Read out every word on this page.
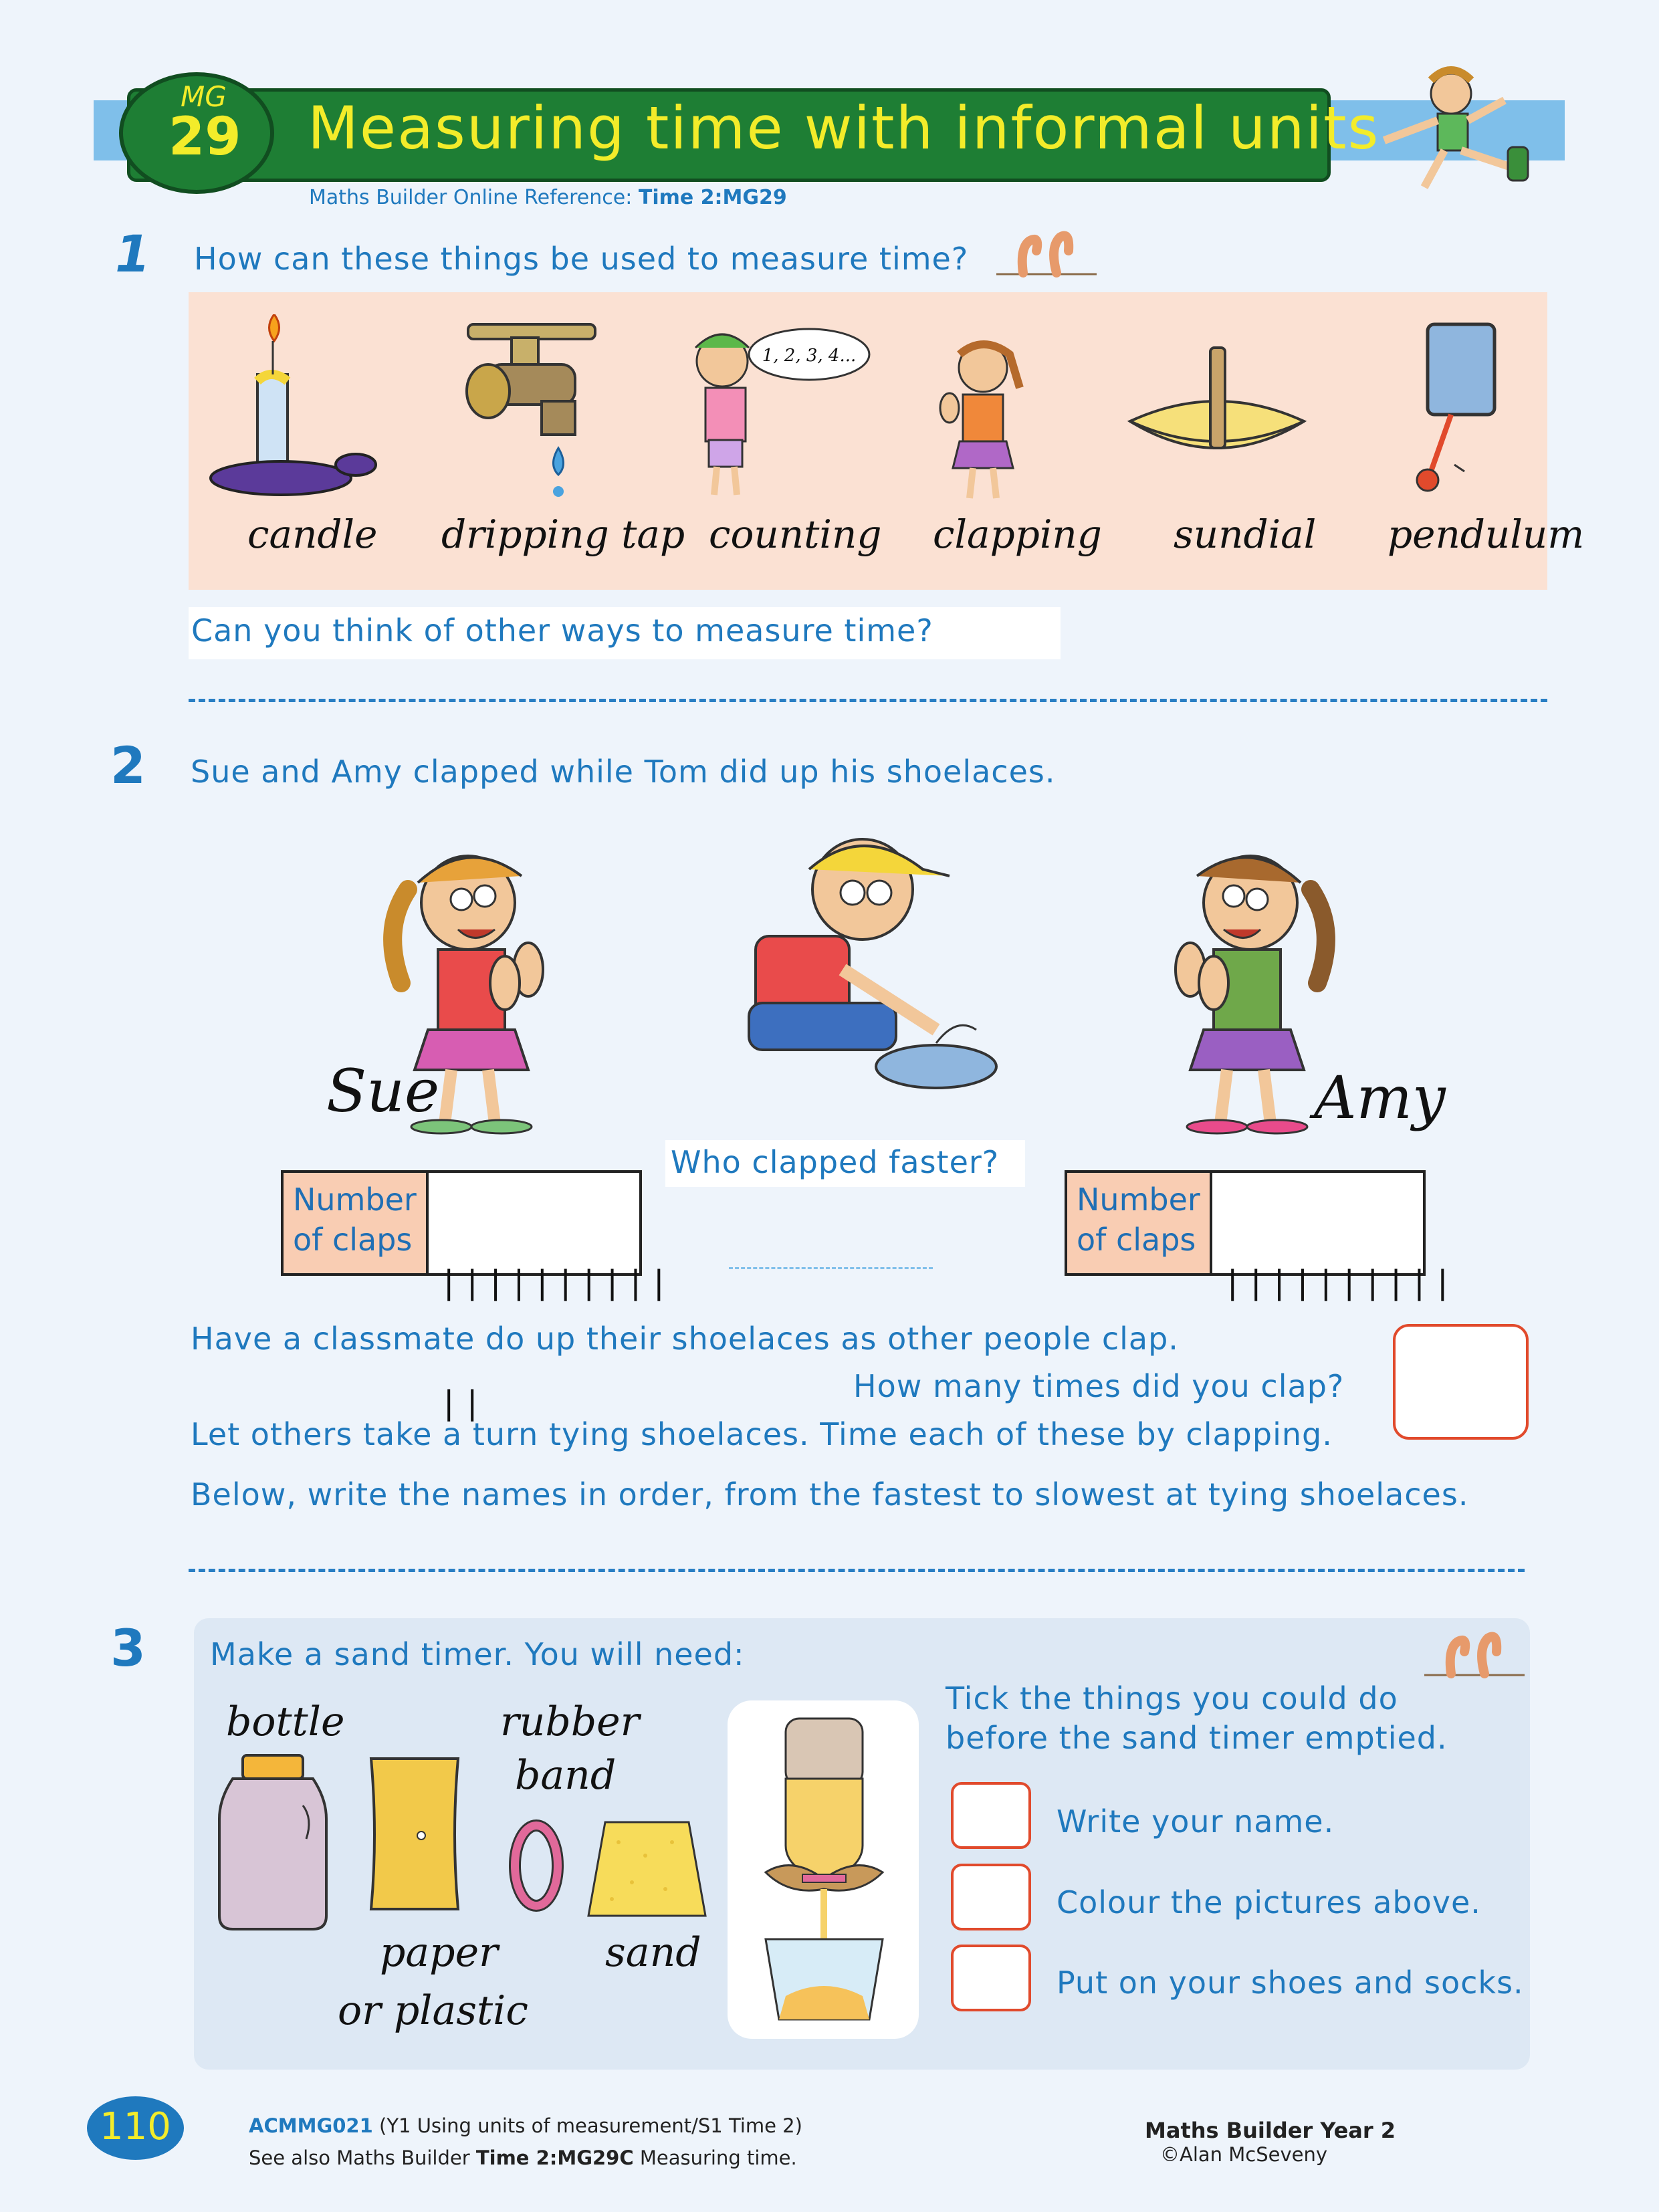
MG
29 Measuring time with informal units
Maths Builder Online Reference: Time 2:MG29
1 How can these things be used to measure time?
1, 2, 3, 4...
candle dripping tap counting clapping sundial pendulum
Can you think of other ways to measure time?
2 Sue and Amy clapped while Tom did up his shoelaces.
Sue	Amy
Number
of claps

||||||||||

||

Number
of claps

||||||||||

Who clapped faster?
Have a classmate do up their shoelaces as other people clap.
How many times did you clap?
Let others take a turn tying shoelaces. Time each of these by clapping.
Below, write the names in order, from the fastest to slowest at tying shoelaces.
3 Make a sand timer. You will need:
bottle
paper
or plastic
rubber
band
sand
Tick the things you could do
before the sand timer emptied.
Write your name.
Colour the pictures above.
Put on your shoes and socks.
110	ACMMG021 (Y1 Using units of measurement/S1 Time 2)
See also Maths Builder Time 2:MG29C Measuring time.
Maths Builder Year 2
©Alan McSeveny
